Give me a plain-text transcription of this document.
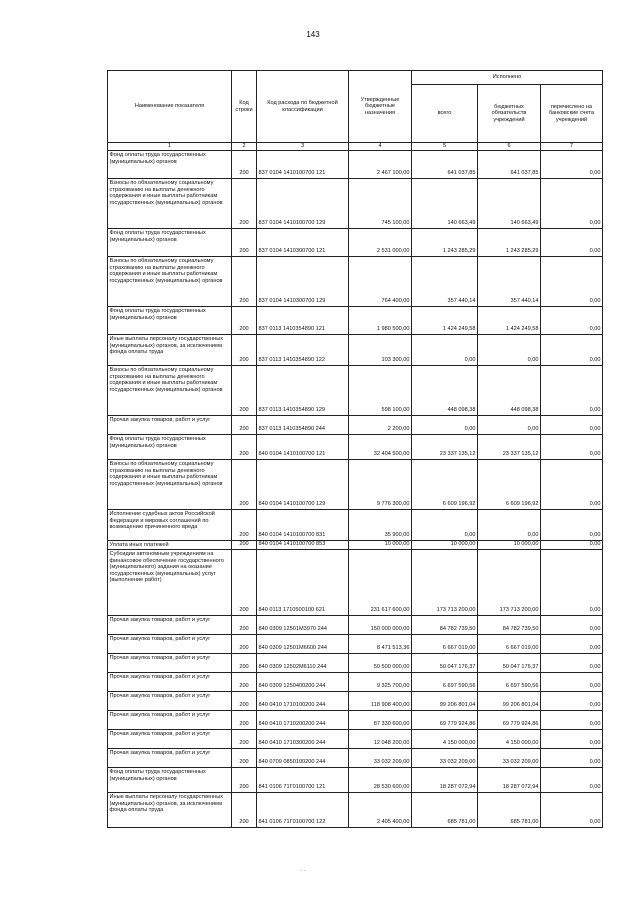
143
Наименование показателя	Код строки	Код расхода по бюджетной классификации	Утвержденные бюджетные назначения	Исполнено		
				всего	бюджетных обязательств учреждений	перечислено на банковские счета учреждений
1	2	3	4	5	6	7
Фонд оплаты труда государственных (муниципальных) органов	200	837 0104 1410100700 121	2 467 100,00	641 037,85	641 037,85	0,00
Взносы по обязательному социальному страхованию на выплаты денежного содержания и иные выплаты работникам государственных (муниципальных) органов	200	837 0104 1410100700 129	745 100,00	140 663,49	140 663,49	0,00
Фонд оплаты труда государственных (муниципальных) органов	200	837 0104 1410300700 121	2 531 000,00	1 243 285,29	1 243 285,29	0,00
Взносы по обязательному социальному страхованию на выплаты денежного содержания и иные выплаты работникам государственных (муниципальных) органов	200	837 0104 1410300700 129	764 400,00	357 440,14	357 440,14	0,00
Фонд оплаты труда государственных (муниципальных) органов	200	837 0113 1410354890 121	1 980 500,00	1 424 249,58	1 424 249,58	0,00
Иные выплаты персоналу государственных (муниципальных) органов, за исключением фонда оплаты труда	200	837 0113 1410354890 122	103 300,00	0,00	0,00	0,00
Взносы по обязательному социальному страхованию на выплаты денежного содержания и иные выплаты работникам государственных (муниципальных) органов	200	837 0113 1410354890 129	598 100,00	448 098,38	448 098,38	0,00
Прочая закупка товаров, работ и услуг	200	837 0113 1410354890 244	2 200,00	0,00	0,00	0,00
Фонд оплаты труда государственных (муниципальных) органов	200	840 0104 1410100700 121	32 404 500,00	23 337 135,12	23 337 135,12	0,00
Взносы по обязательному социальному страхованию на выплаты денежного содержания и иные выплаты работникам государственных (муниципальных) органов	200	840 0104 1410100700 129	9 776 300,00	6 609 196,92	6 609 196,92	0,00
Исполнение судебных актов Российской Федерации и мировых соглашений по возмещению причиненного вреда	200	840 0104 1410100700 831	35 900,00	0,00	0,00	0,00
Уплата иных платежей	200	840 0104 1410100700 853	10 000,00	10 000,00	10 000,00	0,00
Субсидии автономным учреждениям на финансовое обеспечение государственного (муниципального) задания на оказание государственных (муниципальных) услуг (выполнение работ)	200	840 0113 1710500100 621	231 617 600,00	173 713 200,00	173 713 200,00	0,00
Прочая закупка товаров, работ и услуг	200	840 0309 12501M3970 244	150 000 000,00	84 782 739,50	84 782 739,50	0,00
Прочая закупка товаров, работ и услуг	200	840 0309 12501M6600 244	8 471 513,36	6 667 019,00	6 667 019,00	0,00
Прочая закупка товаров, работ и услуг	200	840 0309 12502M6110 244	50 500 000,00	50 047 176,37	50 047 176,37	0,00
Прочая закупка товаров, работ и услуг	200	840 0309 1250400200 244	9 325 700,00	6 697 590,56	6 697 590,56	0,00
Прочая закупка товаров, работ и услуг	200	840 0410 1710100200 244	118 908 400,00	99 206 801,04	99 206 801,04	0,00
Прочая закупка товаров, работ и услуг	200	840 0410 1710200200 244	87 330 600,00	69 779 924,86	69 779 924,86	0,00
Прочая закупка товаров, работ и услуг	200	840 0410 1710300200 244	12 048 200,00	4 150 000,00	4 150 000,00	0,00
Прочая закупка товаров, работ и услуг	200	840 0709 0850100200 244	33 032 209,00	33 032 209,00	33 032 209,00	0,00
Фонд оплаты труда государственных (муниципальных) органов	200	841 0106 71Г0100700 121	28 530 600,00	18 287 072,94	18 287 072,94	0,00
Иные выплаты персоналу государственных (муниципальных) органов, за исключением фонда оплаты труда	200	841 0106 71Г0100700 122	2 405 400,00	685 781,00	685 781,00	0,00
. .
